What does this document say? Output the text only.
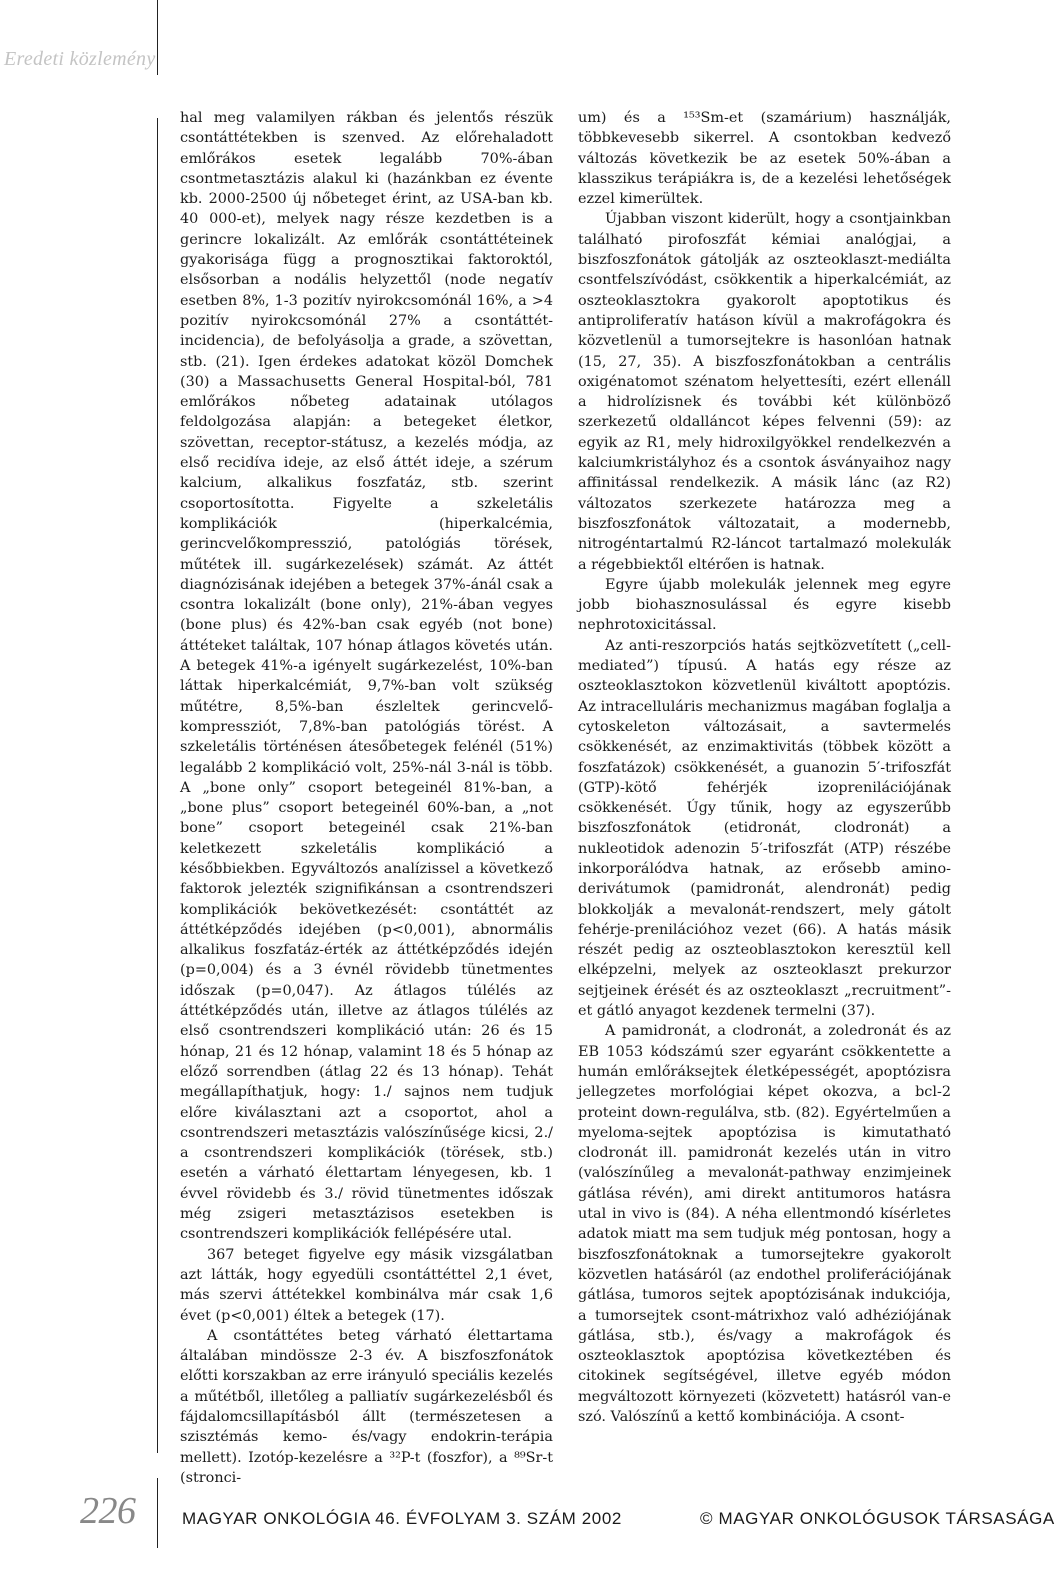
Eredeti közlemény

hal meg valamilyen rákban és jelentős részük csontáttétekben is szenved. Az előrehaladott emlőrákos esetek legalább 70%-ában csontmetasztázis alakul ki (hazánkban ez évente kb. 2000-2500 új nőbeteget érint, az USA-ban kb. 40 000-et), melyek nagy része kezdetben is a gerincre lokalizált. Az emlőrák csontáttéteinek gyakorisága függ a prognosztikai faktoroktól, elsősorban a nodális helyzettől (node negatív esetben 8%, 1-3 pozitív nyirokcsomónál 16%, a >4 pozitív nyirokcsomónál 27% a csontáttét-incidencia), de befolyásolja a grade, a szövettan, stb. (21). Igen érdekes adatokat közöl Domchek (30) a Massachusetts General Hospital-ból, 781 emlőrákos nőbeteg adatainak utólagos feldolgozása alapján: a betegeket életkor, szövettan, receptor-státusz, a kezelés módja, az első recidíva ideje, az első áttét ideje, a szérum kalcium, alkalikus foszfatáz, stb. szerint csoportosította. Figyelte a szkeletális komplikációk (hiperkalcémia, gerincvelőkompresszió, patológiás törések, műtétek ill. sugárkezelések) számát. Az áttét diagnózisának idejében a betegek 37%-ánál csak a csontra lokalizált (bone only), 21%-ában vegyes (bone plus) és 42%-ban csak egyéb (not bone) áttéteket találtak, 107 hónap átlagos követés után. A betegek 41%-a igényelt sugárkezelést, 10%-ban láttak hiperkalcémiát, 9,7%-ban volt szükség műtétre, 8,5%-ban észleltek gerincvelő-kompressziót, 7,8%-ban patológiás törést. A szkeletális történésen átesőbetegek felénél (51%) legalább 2 komplikáció volt, 25%-nál 3-nál is több. A „bone only” csoport betegeinél 81%-ban, a „bone plus” csoport betegeinél 60%-ban, a „not bone” csoport betegeinél csak 21%-ban keletkezett szkeletális komplikáció a későbbiekben. Egyváltozós analízissel a következő faktorok jelezték szignifikánsan a csontrendszeri komplikációk bekövetkezését: csontáttét az áttétképződés idejében (p<0,001), abnormális alkalikus foszfatáz-érték az áttétképződés idején (p=0,004) és a 3 évnél rövidebb tünetmentes időszak (p=0,047). Az átlagos túlélés az áttétképződés után, illetve az átlagos túlélés az első csontrendszeri komplikáció után: 26 és 15 hónap, 21 és 12 hónap, valamint 18 és 5 hónap az előző sorrendben (átlag 22 és 13 hónap). Tehát megállapíthatjuk, hogy: 1./ sajnos nem tudjuk előre kiválasztani azt a csoportot, ahol a csontrendszeri metasztázis valószínűsége kicsi, 2./ a csontrendszeri komplikációk (törések, stb.) esetén a várható élettartam lényegesen, kb. 1 évvel rövidebb és 3./ rövid tünetmentes időszak még zsigeri metasztázisos esetekben is csontrendszeri komplikációk fellépésére utal.

367 beteget figyelve egy másik vizsgálatban azt látták, hogy egyedüli csontáttéttel 2,1 évet, más szervi áttétekkel kombinálva már csak 1,6 évet (p<0,001) éltek a betegek (17).

A csontáttétes beteg várható élettartama általában mindössze 2-3 év. A biszfoszfonátok előtti korszakban az erre irányuló speciális kezelés a műtétből, illetőleg a palliatív sugárkezelésből és fájdalomcsillapításból állt (természetesen a szisztémás kemo- és/vagy endokrin-terápia mellett). Izotóp-kezelésre a ³²P-t (foszfor), a ⁸⁹Sr-t (stronci-

um) és a ¹⁵³Sm-et (szamárium) használják, többkevesebb sikerrel. A csontokban kedvező változás következik be az esetek 50%-ában a klasszikus terápiákra is, de a kezelési lehetőségek ezzel kimerültek.

Újabban viszont kiderült, hogy a csontjainkban található pirofoszfát kémiai analógjai, a biszfoszfonátok gátolják az oszteoklaszt-mediálta csontfelszívódást, csökkentik a hiperkalcémiát, az oszteoklasztokra gyakorolt apoptotikus és antiproliferatív hatáson kívül a makrofágokra és közvetlenül a tumorsejtekre is hasonlóan hatnak (15, 27, 35). A biszfoszfonátokban a centrális oxigénatomot szénatom helyettesíti, ezért ellenáll a hidrolízisnek és további két különböző szerkezetű oldalláncot képes felvenni (59): az egyik az R1, mely hidroxilgyökkel rendelkezvén a kalciumkristályhoz és a csontok ásványaihoz nagy affinitással rendelkezik. A másik lánc (az R2) változatos szerkezete határozza meg a biszfoszfonátok változatait, a modernebb, nitrogéntartalmú R2-láncot tartalmazó molekulák a régebbiektől eltérően is hatnak.

Egyre újabb molekulák jelennek meg egyre jobb biohasznosulással és egyre kisebb nephrotoxicitással.

Az anti-reszorpciós hatás sejtközvetített („cell-mediated”) típusú. A hatás egy része az oszteoklasztokon közvetlenül kiváltott apoptózis. Az intracelluláris mechanizmus magában foglalja a cytoskeleton változásait, a savtermelés csökkenését, az enzimaktivitás (többek között a foszfatázok) csökkenését, a guanozin 5′-trifoszfát (GTP)-kötő fehérjék izoprenilációjának csökkenését. Úgy tűnik, hogy az egyszerűbb biszfoszfonátok (etidronát, clodronát) a nukleotidok adenozin 5′-trifoszfát (ATP) részébe inkorporálódva hatnak, az erősebb amino-derivátumok (pamidronát, alendronát) pedig blokkolják a mevalonát-rendszert, mely gátolt fehérje-prenilációhoz vezet (66). A hatás másik részét pedig az oszteoblasztokon keresztül kell elképzelni, melyek az oszteoklaszt prekurzor sejtjeinek érését és az oszteoklaszt „recruitment”-et gátló anyagot kezdenek termelni (37).

A pamidronát, a clodronát, a zoledronát és az EB 1053 kódszámú szer egyaránt csökkentette a humán emlőráksejtek életképességét, apoptózisra jellegzetes morfológiai képet okozva, a bcl-2 proteint down-regulálva, stb. (82). Egyértelműen a myeloma-sejtek apoptózisa is kimutatható clodronát ill. pamidronát kezelés után in vitro (valószínűleg a mevalonát-pathway enzimjeinek gátlása révén), ami direkt antitumoros hatásra utal in vivo is (84). A néha ellentmondó kísérletes adatok miatt ma sem tudjuk még pontosan, hogy a biszfoszfonátoknak a tumorsejtekre gyakorolt közvetlen hatásáról (az endothel proliferációjának gátlása, tumoros sejtek apoptózisának indukciója, a tumorsejtek csont-mátrixhoz való adhéziójának gátlása, stb.), és/vagy a makrofágok és oszteoklasztok apoptózisa következtében és citokinek segítségével, illetve egyéb módon megváltozott környezeti (közvetett) hatásról van-e szó. Valószínű a kettő kombinációja. A csont-

226	MAGYAR ONKOLÓGIA 46. ÉVFOLYAM 3. SZÁM 2002	© MAGYAR ONKOLÓGUSOK TÁRSASÁGA
